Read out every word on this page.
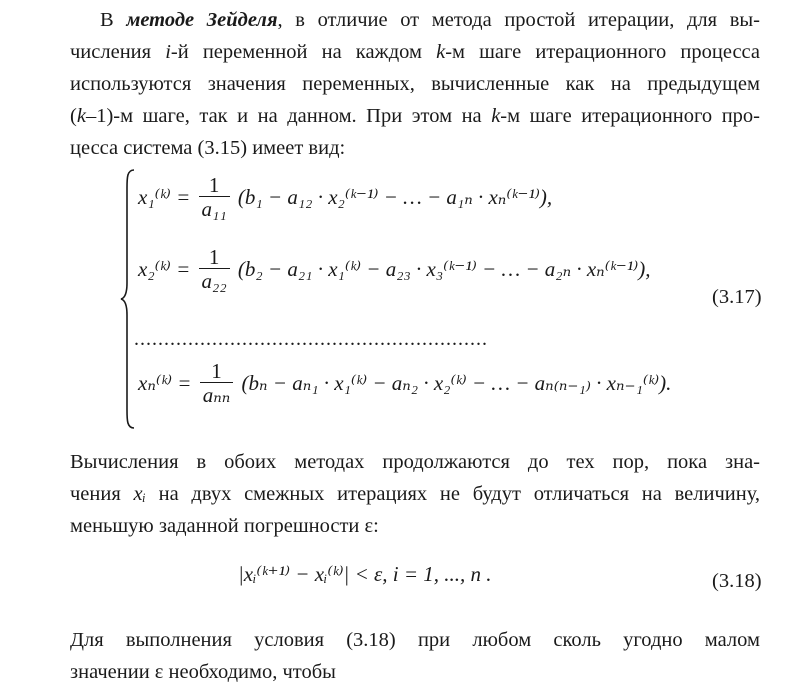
В методе Зейделя, в отличие от метода простой итерации, для вы-
числения i-й переменной на каждом k-м шаге итерационного процесса
используются значения переменных, вычисленные как на предыдущем
(k–1)-м шаге, так и на данном. При этом на k-м шаге итерационного про-
цесса система (3.15) имеет вид:
x₁⁽ᵏ⁾ = $\frac{1}{\text{a₁₁}} (b_1 - a_{12}$ · x₂⁽ᵏ⁻¹⁾ − … − a₁ₙ · xₙ⁽ᵏ⁻¹⁾),
x₂⁽ᵏ⁾ = $\frac{1}{\text{a₂₂}} (b_2 - a_{21}$ · x₁⁽ᵏ⁾ − a₂₃ · x₃⁽ᵏ⁻¹⁾ − … − a₂ₙ · xₙ⁽ᵏ⁻¹⁾),
...........................................................
xₙ⁽ᵏ⁾ = $\frac{1}{\text{aₙₙ}} (b_n - a_{n1}$ · x₁⁽ᵏ⁾ − aₙ₂ · x₂⁽ᵏ⁾ − … − aₙ₍ₙ₋₁₎ · xₙ₋₁⁽ᵏ⁾).
(3.17)
Вычисления в обоих методах продолжаются до тех пор, пока зна-
чения xᵢ на двух смежных итерациях не будут отличаться на величину,
меньшую заданной погрешности ε:
|xᵢ⁽ᵏ⁺¹⁾ − xᵢ⁽ᵏ⁾| < ε, i = 1, ..., n .	(3.18)
Для выполнения условия (3.18) при любом сколь угодно малом
значении ε необходимо, чтобы
